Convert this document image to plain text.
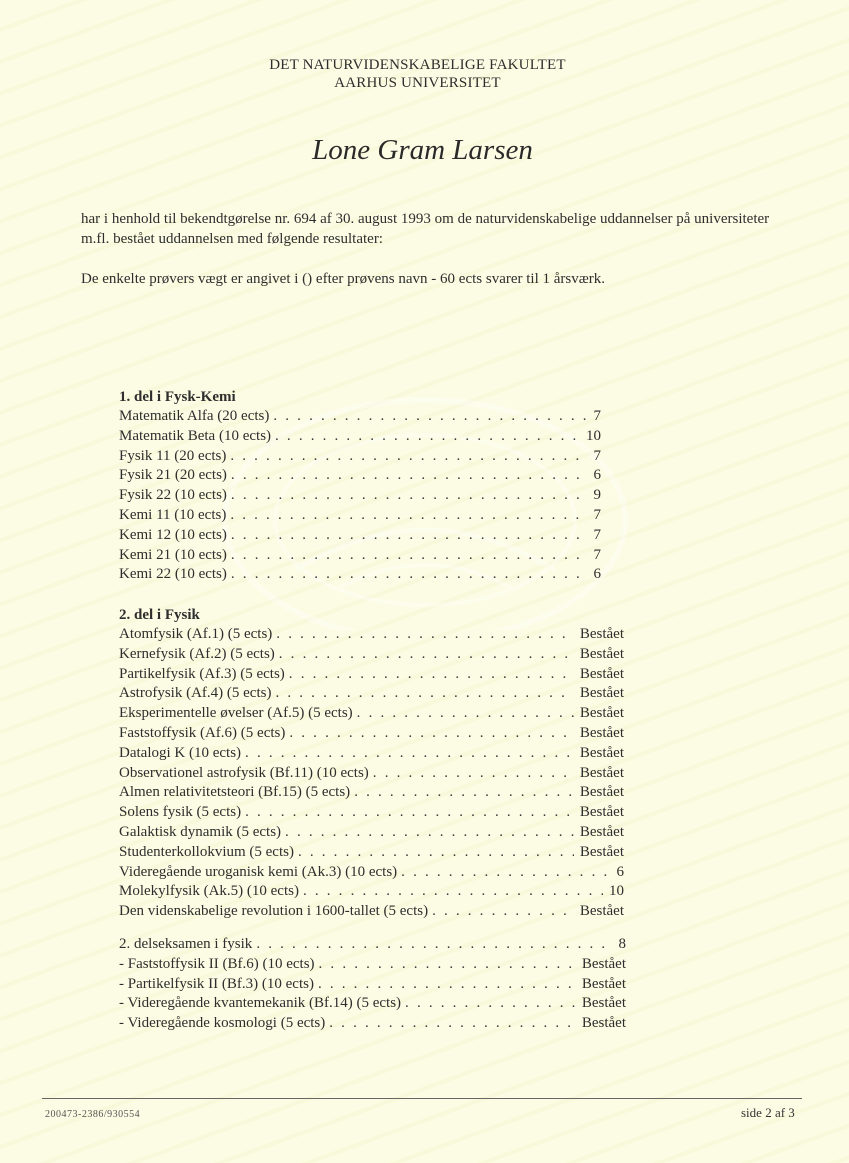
DET NATURVIDENSKABELIGE FAKULTET
AARHUS UNIVERSITET
Lone Gram Larsen
har i henhold til bekendtgørelse nr. 694 af 30. august 1993 om de naturvidenskabelige uddannelser på universiteter m.fl. bestået uddannelsen med følgende resultater:
De enkelte prøvers vægt er angivet i () efter prøvens navn - 60 ects svarer til 1 årsværk.
1. del i Fysk-Kemi
Matematik Alfa (20 ects) . . .	7
Matematik Beta (10 ects) . . .	10
Fysik 11 (20 ects) . . .	7
Fysik 21 (20 ects) . . .	6
Fysik 22 (10 ects) . . .	9
Kemi 11 (10 ects) . . .	7
Kemi 12 (10 ects) . . .	7
Kemi 21 (10 ects) . . .	7
Kemi 22 (10 ects) . . .	6
2. del i Fysik
Atomfysik (Af.1) (5 ects) . . .	Bestået
Kernefysik (Af.2) (5 ects) . . .	Bestået
Partikelfysik (Af.3) (5 ects) . . .	Bestået
Astrofysik (Af.4) (5 ects) . . .	Bestået
Eksperimentelle øvelser (Af.5) (5 ects) . . .	Bestået
Faststoffysik (Af.6) (5 ects) . . .	Bestået
Datalogi K (10 ects) . . .	Bestået
Observationel astrofysik (Bf.11) (10 ects) . . .	Bestået
Almen relativitetsteori (Bf.15) (5 ects) . . .	Bestået
Solens fysik (5 ects) . . .	Bestået
Galaktisk dynamik (5 ects) . . .	Bestået
Studenterkollokvium (5 ects) . . .	Bestået
Videregående uroganisk kemi (Ak.3) (10 ects) . . .	6
Molekylfysik (Ak.5) (10 ects) . . .	10
Den videnskabelige revolution i 1600-tallet (5 ects) . . .	Bestået
2. delseksamen i fysik . . .	8
- Faststoffysik II (Bf.6) (10 ects) . . .	Bestået
- Partikelfysik II (Bf.3) (10 ects) . . .	Bestået
- Videregående kvantemekanik (Bf.14) (5 ects) . . .	Bestået
- Videregående kosmologi (5 ects) . . .	Bestået
200473-2386/930554	side 2 af 3
